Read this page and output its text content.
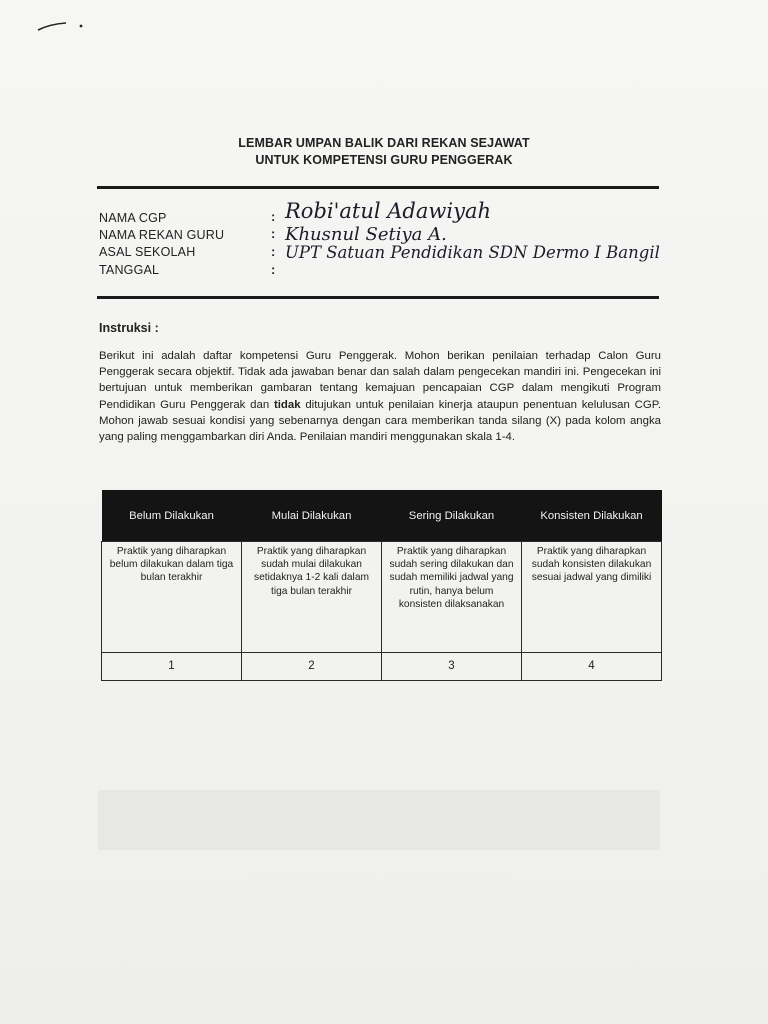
LEMBAR UMPAN BALIK DARI REKAN SEJAWAT
UNTUK KOMPETENSI GURU PENGGERAK
NAMA CGP	: Robi'atul Adawiyah
NAMA REKAN GURU	: Khusnul Setiya A.
ASAL SEKOLAH	: UPT Satuan Pendidikan SDN Dermo I Bangil
TANGGAL	:
Instruksi :
Berikut ini adalah daftar kompetensi Guru Penggerak. Mohon berikan penilaian terhadap Calon Guru Penggerak secara objektif. Tidak ada jawaban benar dan salah dalam pengecekan mandiri ini. Pengecekan ini bertujuan untuk memberikan gambaran tentang kemajuan pencapaian CGP dalam mengikuti Program Pendidikan Guru Penggerak dan tidak ditujukan untuk penilaian kinerja ataupun penentuan kelulusan CGP. Mohon jawab sesuai kondisi yang sebenarnya dengan cara memberikan tanda silang (X) pada kolom angka yang paling menggambarkan diri Anda. Penilaian mandiri menggunakan skala 1-4.
Belum Dilakukan	Mulai Dilakukan	Sering Dilakukan	Konsisten Dilakukan
Praktik yang diharapkan belum dilakukan dalam tiga bulan terakhir	Praktik yang diharapkan sudah mulai dilakukan setidaknya 1-2 kali dalam tiga bulan terakhir	Praktik yang diharapkan sudah sering dilakukan dan sudah memiliki jadwal yang rutin, hanya belum konsisten dilaksanakan	Praktik yang diharapkan sudah konsisten dilakukan sesuai jadwal yang dimiliki
1	2	3	4
